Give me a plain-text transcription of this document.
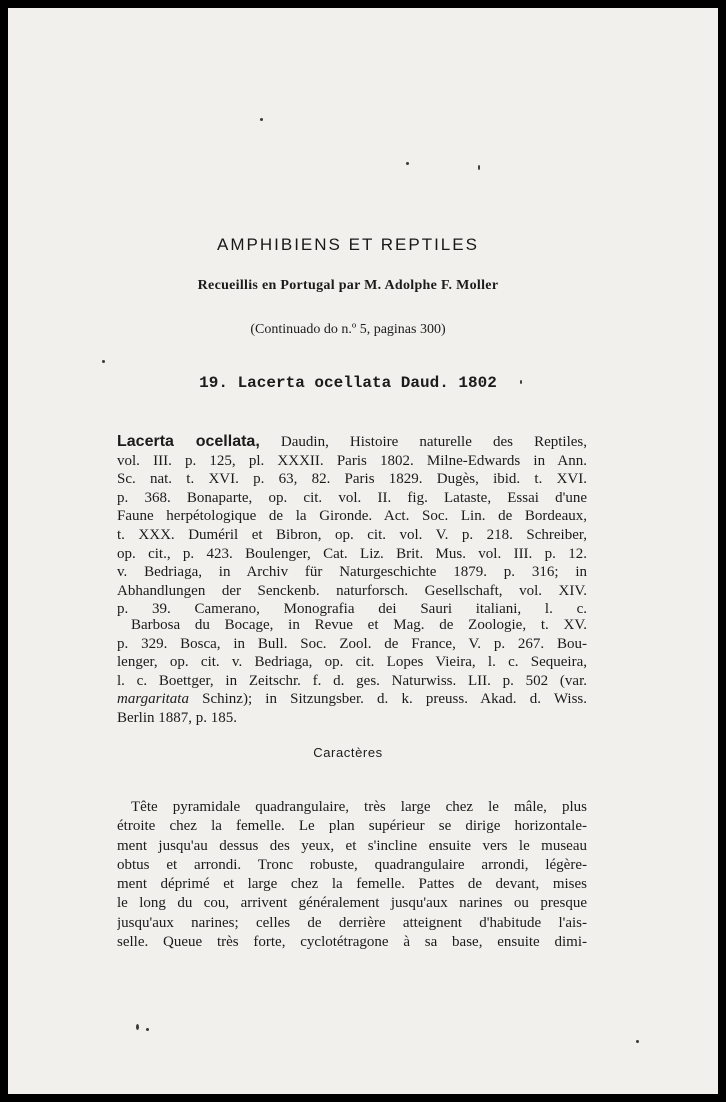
AMPHIBIENS ET REPTILES
Recueillis en Portugal par M. Adolphe F. Moller
(Continuado do n.º 5, paginas 300)
19. Lacerta ocellata Daud. 1802
Lacerta ocellata, Daudin, Histoire naturelle des Reptiles,
vol. III. p. 125, pl. XXXII. Paris 1802. Milne-Edwards in Ann.
Sc. nat. t. XVI. p. 63, 82. Paris 1829. Dugès, ibid. t. XVI.
p. 368. Bonaparte, op. cit. vol. II. fig. Lataste, Essai d'une
Faune herpétologique de la Gironde. Act. Soc. Lin. de Bordeaux,
t. XXX. Duméril et Bibron, op. cit. vol. V. p. 218. Schreiber,
op. cit., p. 423. Boulenger, Cat. Liz. Brit. Mus. vol. III. p. 12.
v. Bedriaga, in Archiv für Naturgeschichte 1879. p. 316; in
Abhandlungen der Senckenb. naturforsch. Gesellschaft, vol. XIV.
p. 39. Camerano, Monografia dei Sauri italiani, l. c.
Barbosa du Bocage, in Revue et Mag. de Zoologie, t. XV.
p. 329. Bosca, in Bull. Soc. Zool. de France, V. p. 267. Bou-
lenger, op. cit. v. Bedriaga, op. cit. Lopes Vieira, l. c. Sequeira,
l. c. Boettger, in Zeitschr. f. d. ges. Naturwiss. LII. p. 502 (var.
margaritata Schinz); in Sitzungsber. d. k. preuss. Akad. d. Wiss.
Berlin 1887, p. 185.
Caractères
Tête pyramidale quadrangulaire, très large chez le mâle, plus
étroite chez la femelle. Le plan supérieur se dirige horizontale-
ment jusqu'au dessus des yeux, et s'incline ensuite vers le museau
obtus et arrondi. Tronc robuste, quadrangulaire arrondi, légère-
ment déprimé et large chez la femelle. Pattes de devant, mises
le long du cou, arrivent généralement jusqu'aux narines ou presque
jusqu'aux narines; celles de derrière atteignent d'habitude l'ais-
selle. Queue très forte, cyclotétragone à sa base, ensuite dimi-
